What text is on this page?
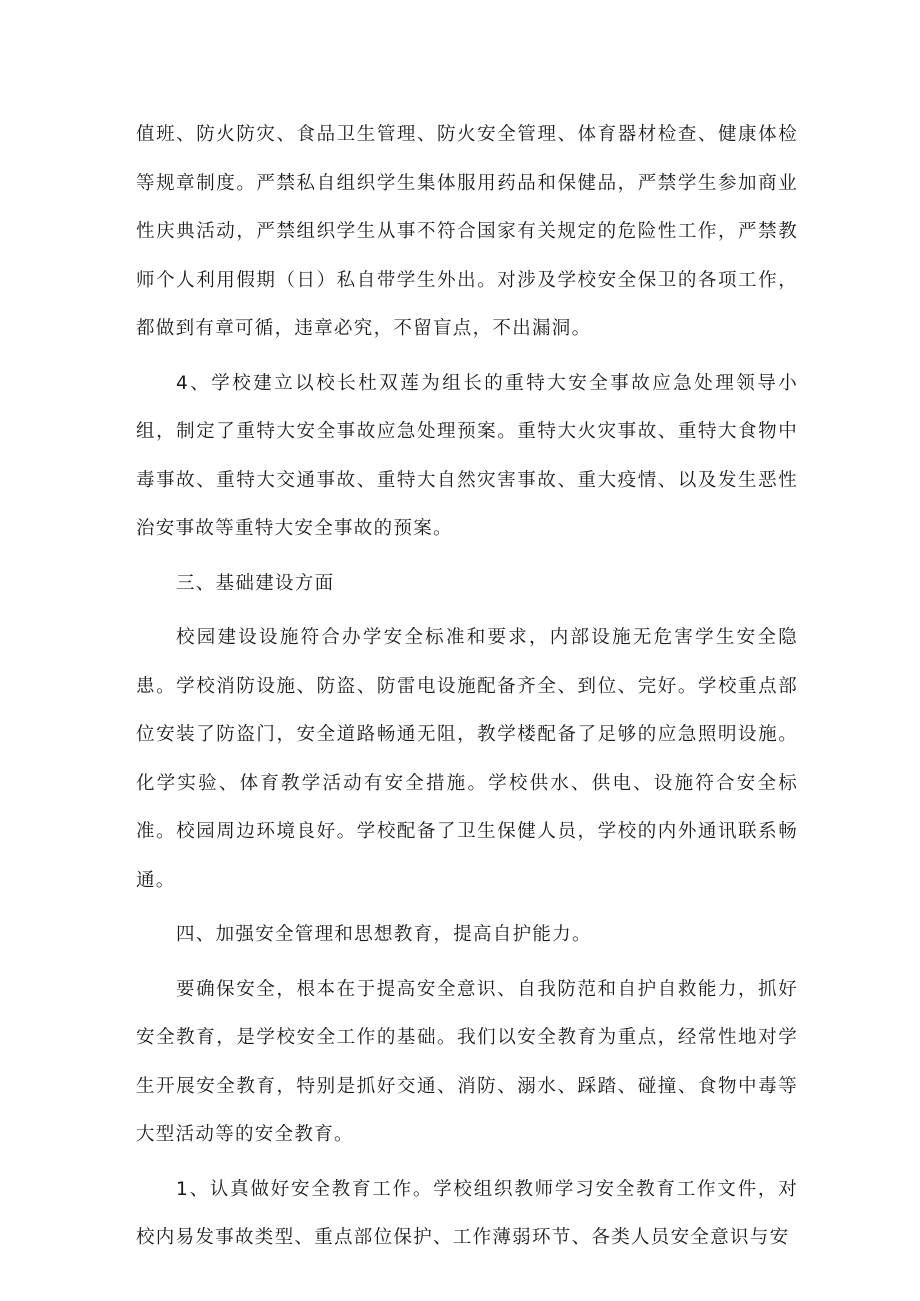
值班、防火防灾、食品卫生管理、防火安全管理、体育器材检查、健康体检等规章制度。严禁私自组织学生集体服用药品和保健品，严禁学生参加商业性庆典活动，严禁组织学生从事不符合国家有关规定的危险性工作，严禁教师个人利用假期（日）私自带学生外出。对涉及学校安全保卫的各项工作，都做到有章可循，违章必究，不留盲点，不出漏洞。

4、学校建立以校长杜双莲为组长的重特大安全事故应急处理领导小组，制定了重特大安全事故应急处理预案。重特大火灾事故、重特大食物中毒事故、重特大交通事故、重特大自然灾害事故、重大疫情、以及发生恶性治安事故等重特大安全事故的预案。

三、基础建设方面

校园建设设施符合办学安全标准和要求，内部设施无危害学生安全隐患。学校消防设施、防盗、防雷电设施配备齐全、到位、完好。学校重点部位安装了防盗门，安全道路畅通无阻，教学楼配备了足够的应急照明设施。化学实验、体育教学活动有安全措施。学校供水、供电、设施符合安全标准。校园周边环境良好。学校配备了卫生保健人员，学校的内外通讯联系畅通。

四、加强安全管理和思想教育，提高自护能力。

要确保安全，根本在于提高安全意识、自我防范和自护自救能力，抓好安全教育，是学校安全工作的基础。我们以安全教育为重点，经常性地对学生开展安全教育，特别是抓好交通、消防、溺水、踩踏、碰撞、食物中毒等大型活动等的安全教育。

1、认真做好安全教育工作。学校组织教师学习安全教育工作文件，对校内易发事故类型、重点部位保护、工作薄弱环节、各类人员安全意识与安
